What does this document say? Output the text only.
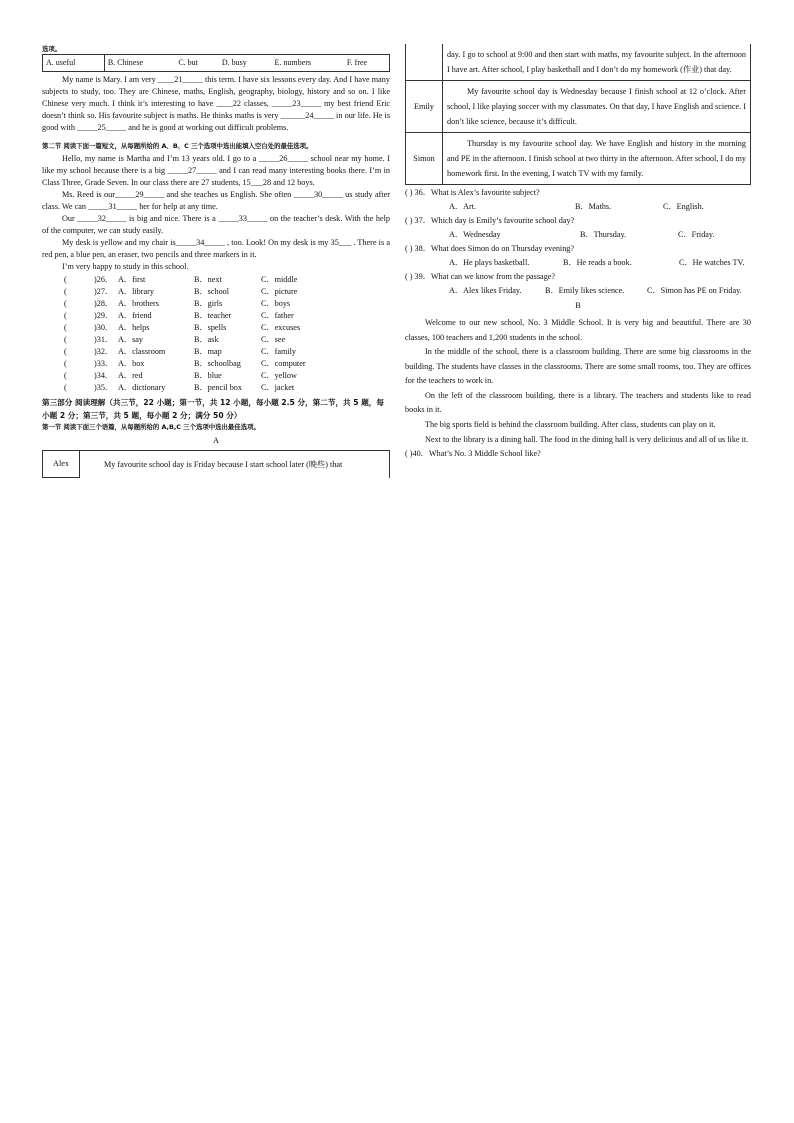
选项。
A. useful	B. Chinese	C. but	D. busy	E. numbers	F. free
My name is Mary. I am very ____21_____ this term. I have six lessons every day. And I have many subjects to study, too. They are Chinese, maths, English, geography, biology, history and so on. I like Chinese very much. I think it’s interesting to have ____22 classes, _____23_____ my best friend Eric doesn’t think so. His favourite subject is maths. He thinks maths is very ______24_____ in our life. He is good with _____25_____ and he is good at working out difficult problems.
第二节 阅读下面一篇短文，从每题所给的 A、B、C 三个选项中选出能填入空白处的最佳选项。
Hello, my name is Martha and I’m 13 years old. I go to a _____26_____ school near my home. I like my school because there is a big _____27_____ and I can read many interesting books there. I’m in Class Three, Grade Seven. In our class there are 27 students, 15___28 and 12 boys.
Ms. Reed is our_____29_____ and she teaches us English. She often _____30_____ us study after class. We can _____31_____ her for help at any time.
Our _____32_____ is big and nice. There is a _____33_____ on the teacher’s desk. With the help of the computer, we can study easily.
My desk is yellow and my chair is_____34_____ , too. Look! On my desk is my 35___ . There is a red pen, a blue pen, an eraser, two pencils and three markers in it.
I’m very happy to study in this school.
(	)26． A．first	B．next	C．middle
(	)27． A．library	B．school	C．picture
(	)28． A．brothers	B．girls	C．boys
(	)29． A．friend	B．teacher	C．father
(	)30． A．helps	B．spells	C．excuses
(	)31． A．say	B．ask	C．see
(	)32． A．classroom	B．map	C．family
(	)33． A．box	B．schoolbag C．computer
(	)34． A．red	B．blue	C．yellow
(	)35． A．dictionary	B．pencil box C．jacket
第三部分 阅读理解（共三节，22 小题；第一节，共 12 小题，每小题 2.5 分，第二节，共 5 题，每小题 2 分；第三节，共 5 题，每小题 2 分；满分 50 分）
第一节 阅读下面三个语篇，从每题所给的 A,B,C 三个选项中选出最佳选项。
A
Alex	My favourite school day is Friday because I start school later (晚些) that
	day. I go to school at 9:00 and then start with maths, my favourite subject. In the afternoon I have art. After school, I play basketball and I don’t do my homework (作业) that day.
Emily	My favourite school day is Wednesday because I finish school at 12 o’clock. After school, I like playing soccer with my classmates. On that day, I have English and science. I don’t like science, because it’s difficult.
Simon	Thursday is my favourite school day. We have English and history in the morning and PE in the afternoon. I finish school at two thirty in the afternoon. After school, I do my homework first. In the evening, I watch TV with my family.
( ) 36．What is Alex’s favourite subject?
A．Art.	B．Maths.	C．English.
( ) 37．Which day is Emily’s favourite school day?
A．Wednesday	B．Thursday.	C．Friday.
( ) 38．What does Simon do on Thursday evening?
A．He plays basketball.	B．He reads a book.	C．He watches TV.
( ) 39．What can we know from the passage?
A．Alex likes Friday.	B．Emily likes science.	C．Simon has PE on Friday.
B
Welcome to our new school, No. 3 Middle School. It is very big and beautiful. There are 30 classes, 100 teachers and 1,200 students in the school.
In the middle of the school, there is a classroom building. There are some big classrooms in the building. The students have classes in the classrooms. There are some small rooms, too. They are offices for the teachers to work in.
On the left of the classroom building, there is a library. The teachers and students like to read books in it.
The big sports field is behind the classroom building. After class, students can play on it.
Next to the library is a dining hall. The food in the dining hall is very delicious and all of us like it.
( )40．What’s No. 3 Middle School like?
